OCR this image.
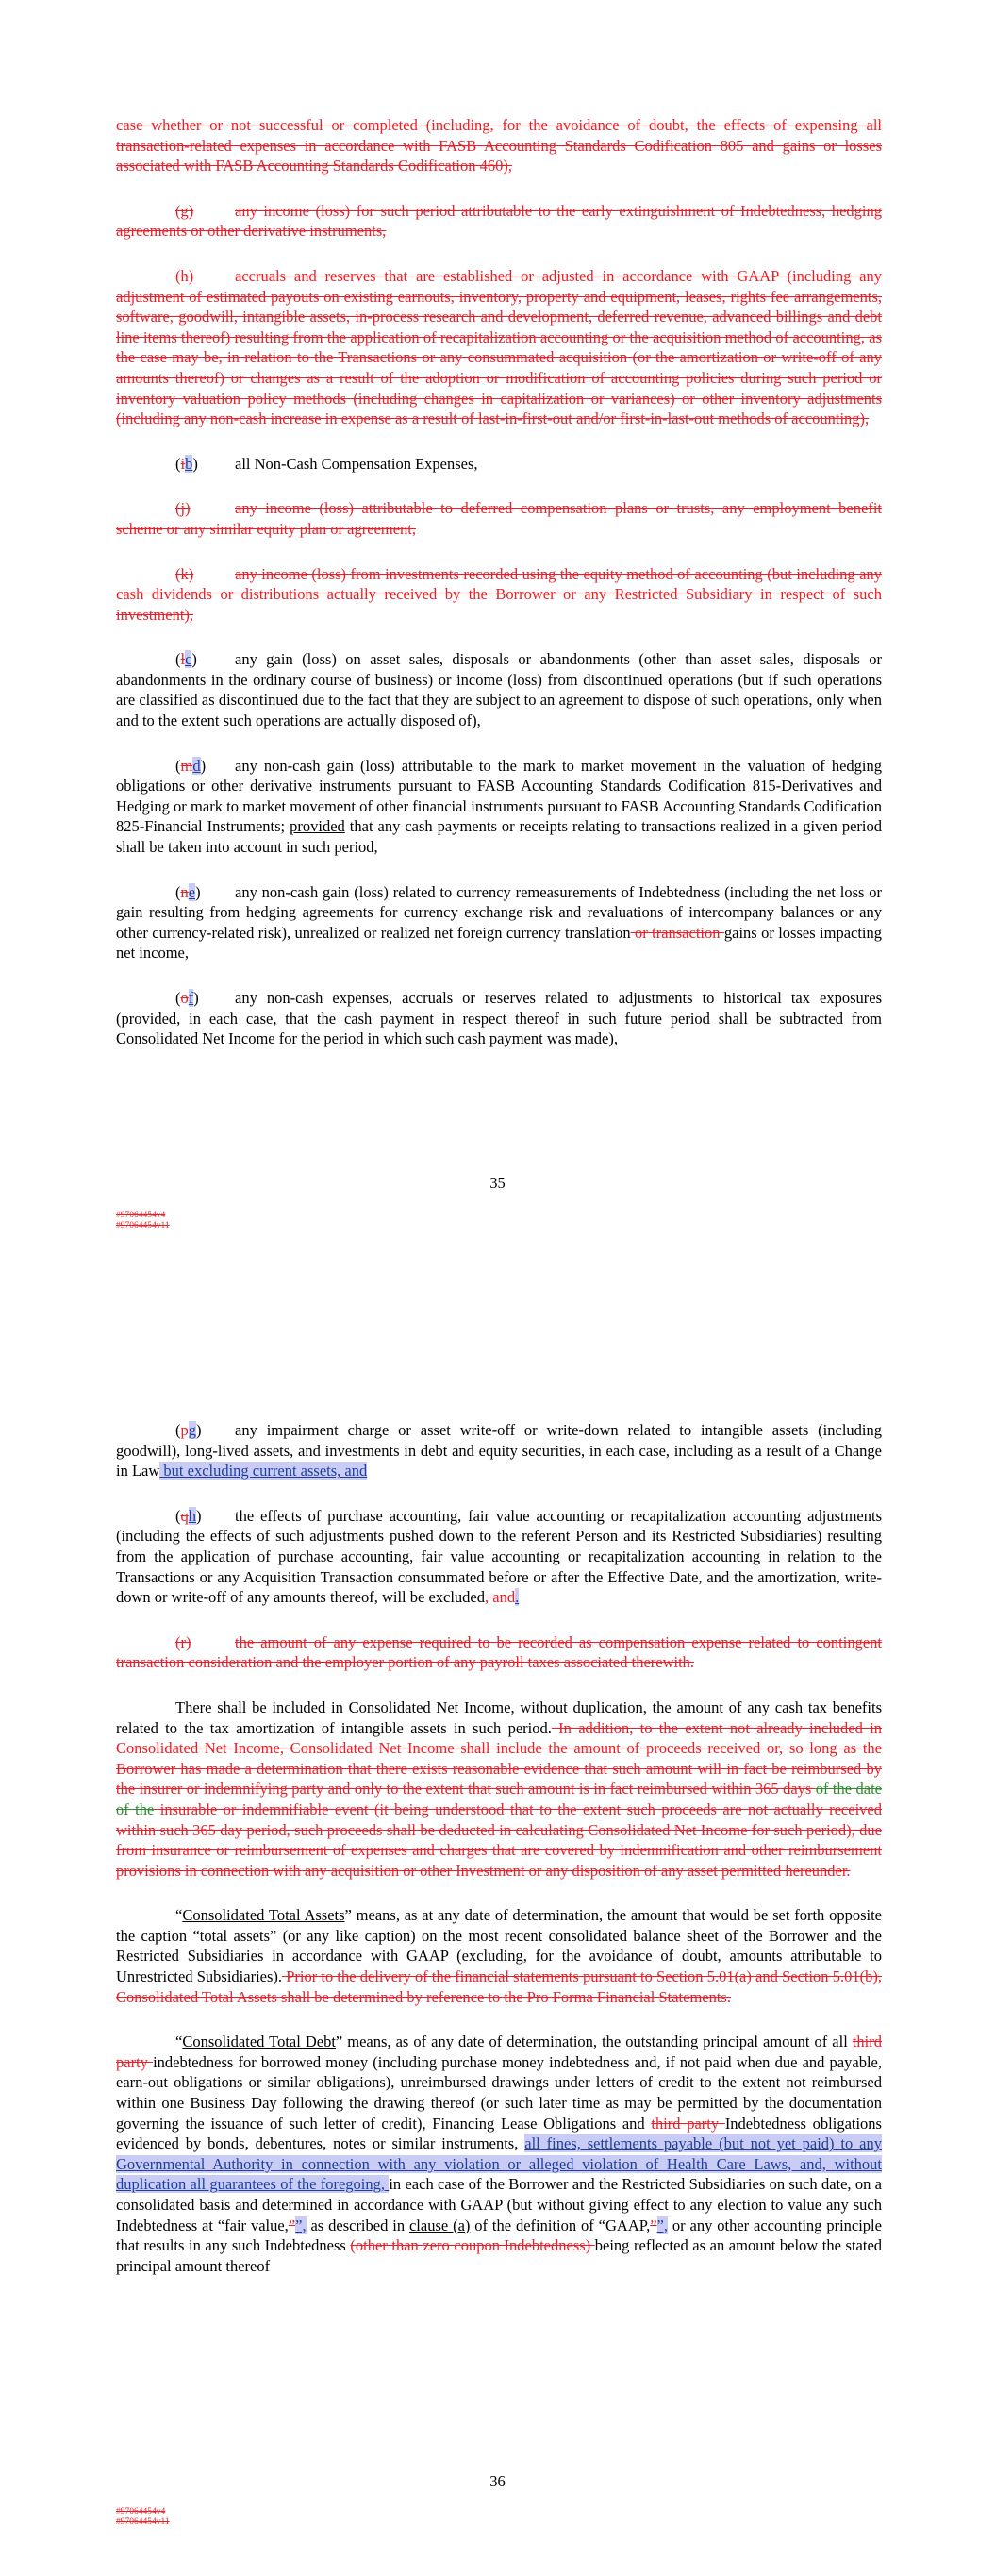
case whether or not successful or completed (including, for the avoidance of doubt, the effects of expensing all transaction-related expenses in accordance with FASB Accounting Standards Codification 805 and gains or losses associated with FASB Accounting Standards Codification 460),

(g)	any income (loss) for such period attributable to the early extinguishment of Indebtedness, hedging agreements or other derivative instruments,

(h)	accruals and reserves that are established or adjusted in accordance with GAAP (including any adjustment of estimated payouts on existing earnouts, inventory, property and equipment, leases, rights fee arrangements, software, goodwill, intangible assets, in-process research and development, deferred revenue, advanced billings and debt line items thereof) resulting from the application of recapitalization accounting or the acquisition method of accounting, as the case may be, in relation to the Transactions or any consummated acquisition (or the amortization or write-off of any amounts thereof) or changes as a result of the adoption or modification of accounting policies during such period or inventory valuation policy methods (including changes in capitalization or variances) or other inventory adjustments (including any non-cash increase in expense as a result of last-in-first-out and/or first-in-last-out methods of accounting),

(ib) all Non-Cash Compensation Expenses,

(j)	any income (loss) attributable to deferred compensation plans or trusts, any employment benefit scheme or any similar equity plan or agreement,

(k)	any income (loss) from investments recorded using the equity method of accounting (but including any cash dividends or distributions actually received by the Borrower or any Restricted Subsidiary in respect of such investment),

(lc) any gain (loss) on asset sales, disposals or abandonments (other than asset sales, disposals or abandonments in the ordinary course of business) or income (loss) from discontinued operations (but if such operations are classified as discontinued due to the fact that they are subject to an agreement to dispose of such operations, only when and to the extent such operations are actually disposed of),

(md) any non-cash gain (loss) attributable to the mark to market movement in the valuation of hedging obligations or other derivative instruments pursuant to FASB Accounting Standards Codification 815-Derivatives and Hedging or mark to market movement of other financial instruments pursuant to FASB Accounting Standards Codification 825-Financial Instruments; provided that any cash payments or receipts relating to transactions realized in a given period shall be taken into account in such period,

(ne) any non-cash gain (loss) related to currency remeasurements of Indebtedness (including the net loss or gain resulting from hedging agreements for currency exchange risk and revaluations of intercompany balances or any other currency-related risk), unrealized or realized net foreign currency translation or transaction gains or losses impacting net income,

(of) any non-cash expenses, accruals or reserves related to adjustments to historical tax exposures (provided, in each case, that the cash payment in respect thereof in such future period shall be subtracted from Consolidated Net Income for the period in which such cash payment was made),

35
#97064454v4
#97064454v11

(pg) any impairment charge or asset write-off or write-down related to intangible assets (including goodwill), long-lived assets, and investments in debt and equity securities, in each case, including as a result of a Change in Law but excluding current assets, and

(qh) the effects of purchase accounting, fair value accounting or recapitalization accounting adjustments (including the effects of such adjustments pushed down to the referent Person and its Restricted Subsidiaries) resulting from the application of purchase accounting, fair value accounting or recapitalization accounting in relation to the Transactions or any Acquisition Transaction consummated before or after the Effective Date, and the amortization, write-down or write-off of any amounts thereof, will be excluded, and.

(r)	the amount of any expense required to be recorded as compensation expense related to contingent transaction consideration and the employer portion of any payroll taxes associated therewith.

There shall be included in Consolidated Net Income, without duplication, the amount of any cash tax benefits related to the tax amortization of intangible assets in such period. In addition, to the extent not already included in Consolidated Net Income, Consolidated Net Income shall include the amount of proceeds received or, so long as the Borrower has made a determination that there exists reasonable evidence that such amount will in fact be reimbursed by the insurer or indemnifying party and only to the extent that such amount is in fact reimbursed within 365 days of the date of the insurable or indemnifiable event (it being understood that to the extent such proceeds are not actually received within such 365 day period, such proceeds shall be deducted in calculating Consolidated Net Income for such period), due from insurance or reimbursement of expenses and charges that are covered by indemnification and other reimbursement provisions in connection with any acquisition or other Investment or any disposition of any asset permitted hereunder.

“Consolidated Total Assets” means, as at any date of determination, the amount that would be set forth opposite the caption “total assets” (or any like caption) on the most recent consolidated balance sheet of the Borrower and the Restricted Subsidiaries in accordance with GAAP (excluding, for the avoidance of doubt, amounts attributable to Unrestricted Subsidiaries). Prior to the delivery of the financial statements pursuant to Section 5.01(a) and Section 5.01(b), Consolidated Total Assets shall be determined by reference to the Pro Forma Financial Statements.

“Consolidated Total Debt” means, as of any date of determination, the outstanding principal amount of all third party indebtedness for borrowed money (including purchase money indebtedness and, if not paid when due and payable, earn-out obligations or similar obligations), unreimbursed drawings under letters of credit to the extent not reimbursed within one Business Day following the drawing thereof (or such later time as may be permitted by the documentation governing the issuance of such letter of credit), Financing Lease Obligations and third party Indebtedness obligations evidenced by bonds, debentures, notes or similar instruments, all fines, settlements payable (but not yet paid) to any Governmental Authority in connection with any violation or alleged violation of Health Care Laws, and, without duplication all guarantees of the foregoing, in each case of the Borrower and the Restricted Subsidiaries on such date, on a consolidated basis and determined in accordance with GAAP (but without giving effect to any election to value any such Indebtedness at “fair value,””, as described in clause (a) of the definition of “GAAP,””, or any other accounting principle that results in any such Indebtedness (other than zero coupon Indebtedness) being reflected as an amount below the stated principal amount thereof

36
#97064454v4
#97064454v11
